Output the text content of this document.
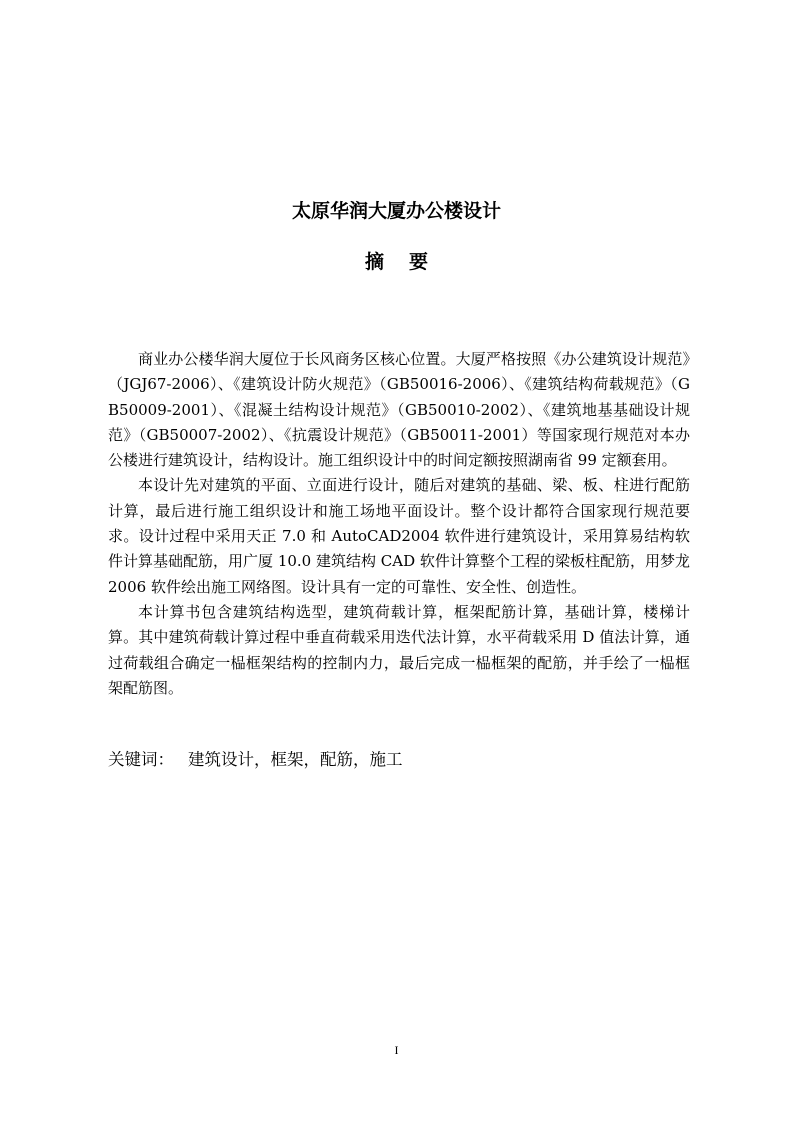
太原华润大厦办公楼设计
摘要

商业办公楼华润大厦位于长风商务区核心位置。大厦严格按照《办公建筑设计规范》（JGJ67-2006）、《建筑设计防火规范》（GB50016-2006）、《建筑结构荷载规范》（GB50009-2001）、《混凝土结构设计规范》（GB50010-2002）、《建筑地基基础设计规范》（GB50007-2002）、《抗震设计规范》（GB50011-2001）等国家现行规范对本办公楼进行建筑设计，结构设计。施工组织设计中的时间定额按照湖南省 99 定额套用。

本设计先对建筑的平面、立面进行设计，随后对建筑的基础、梁、板、柱进行配筋计算，最后进行施工组织设计和施工场地平面设计。整个设计都符合国家现行规范要求。设计过程中采用天正 7.0 和 AutoCAD2004 软件进行建筑设计，采用算易结构软件计算基础配筋，用广厦 10.0 建筑结构 CAD 软件计算整个工程的梁板柱配筋，用梦龙 2006 软件绘出施工网络图。设计具有一定的可靠性、安全性、创造性。

本计算书包含建筑结构选型，建筑荷载计算，框架配筋计算，基础计算，楼梯计算。其中建筑荷载计算过程中垂直荷载采用迭代法计算，水平荷载采用 D 值法计算，通过荷载组合确定一榀框架结构的控制内力，最后完成一榀框架的配筋，并手绘了一榀框架配筋图。

关键词： 建筑设计，框架，配筋，施工
I
